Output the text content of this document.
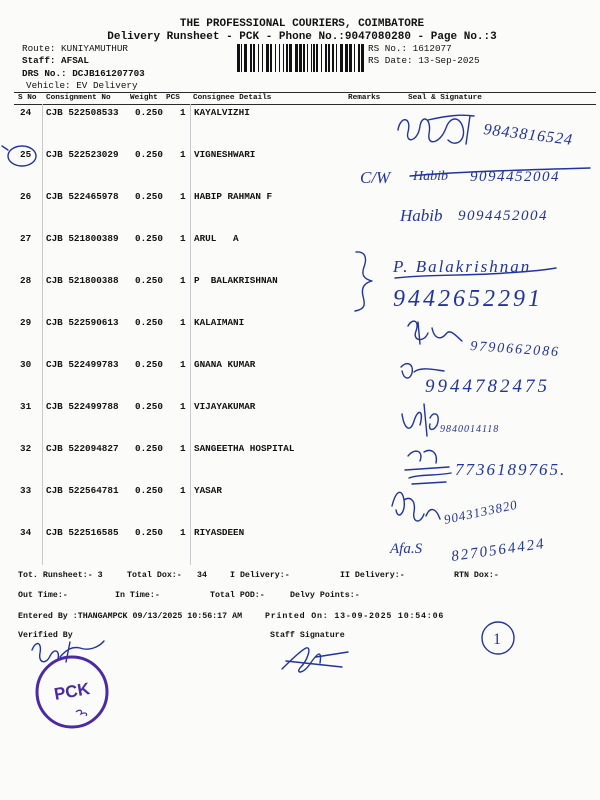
THE PROFESSIONAL COURIERS, COIMBATORE
Delivery Runsheet - PCK - Phone No.:9047080280 - Page No.:3
Route: KUNIYAMUTHUR
Staff: AFSAL
DRS No.: DCJB161207703
Vehicle: EV Delivery
RS No.: 1612077
RS Date: 13-Sep-2025
S No Consignment No	Weight PCS Consignee Details	Remarks	Seal & Signature
24 CJB 522508533 0.250 1 KAYALVIZHI
25 CJB 522523029 0.250 1 VIGNESHWARI
26 CJB 522465978 0.250 1 HABIP RAHMAN F
27 CJB 521800389 0.250 1 ARUL   A
28 CJB 521800388 0.250 1 P  BALAKRISHNAN
29 CJB 522590613 0.250 1 KALAIMANI
30 CJB 522499783 0.250 1 GNANA KUMAR
31 CJB 522499788 0.250 1 VIJAYAKUMAR
32 CJB 522094827 0.250 1 SANGEETHA HOSPITAL
33 CJB 522564781 0.250 1 YASAR
34 CJB 522516585 0.250 1 RIYASDEEN
Tot. Runsheet:- 3	Total Dox:- 34	I Delivery:-	II Delivery:-	RTN Dox:-
Out Time:-	In Time:-	Total POD:-	Delvy Points:-
Entered By :THANGAMPCK 09/13/2025 10:56:17 AM	Printed On: 13-09-2025 10:54:06
Verified By	Staff Signature
9843816524
C/W Habib 9094452004
Habib 9094452004
P. Balakrishnan
9442652291
9790662086
9944782475
9840014118
7736189765.
9043133820
Afa.S 8270564424
1
PCK
